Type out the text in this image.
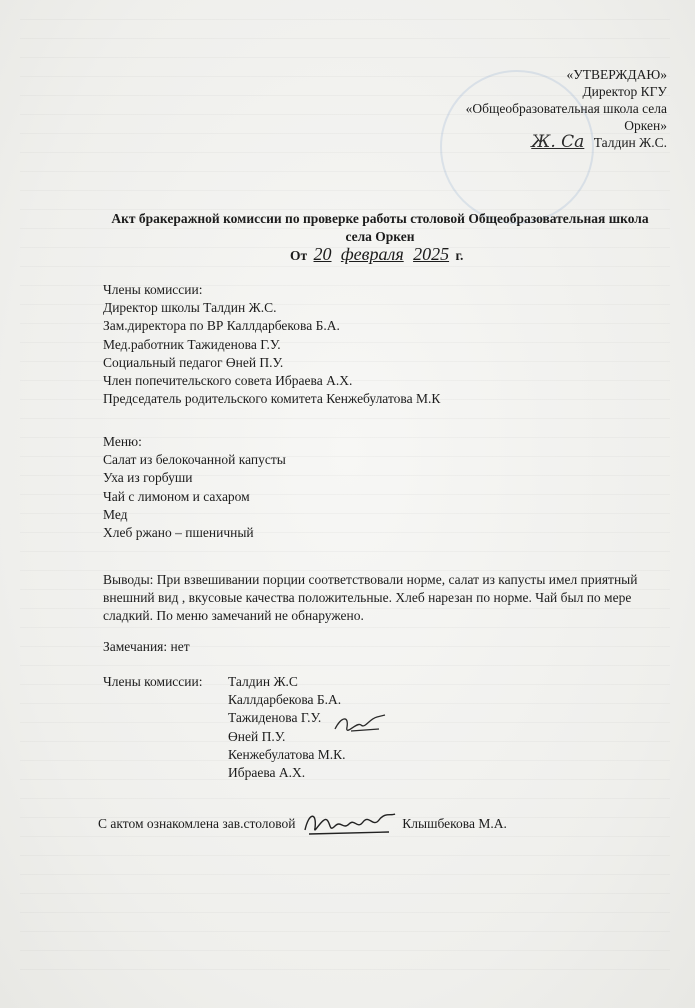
«УТВЕРЖДАЮ»
Директор КГУ
«Общеобразовательная школа села
Оркен»
Ж. Са Талдин Ж.С.
Акт бракеражной комиссии по проверке работы столовой Общеобразовательная школа села Оркен
От 20 февраля 2025 г.
Члены комиссии:
Директор школы Талдин Ж.С.
Зам.директора по ВР Каллдарбекова Б.А.
Мед.работник Тажиденова Г.У.
Социальный педагог Өней П.У.
Член попечительского совета Ибраева А.Х.
Председатель родительского комитета Кенжебулатова М.К
Меню:
Салат из белокочанной капусты
Уха из горбуши
Чай с лимоном и сахаром
Мед
Хлеб ржано – пшеничный
Выводы: При взвешивании порции соответствовали норме, салат из капусты имел приятный внешний вид , вкусовые качества положительные. Хлеб нарезан по норме. Чай был по мере сладкий. По меню замечаний не обнаружено.
Замечания: нет
Члены комиссии: Талдин Ж.С
Каллдарбекова Б.А.
Тажиденова Г.У.
Өней П.У.
Кенжебулатова М.К.
Ибраева А.Х.
С актом ознакомлена зав.столовой	Клышбекова М.А.
